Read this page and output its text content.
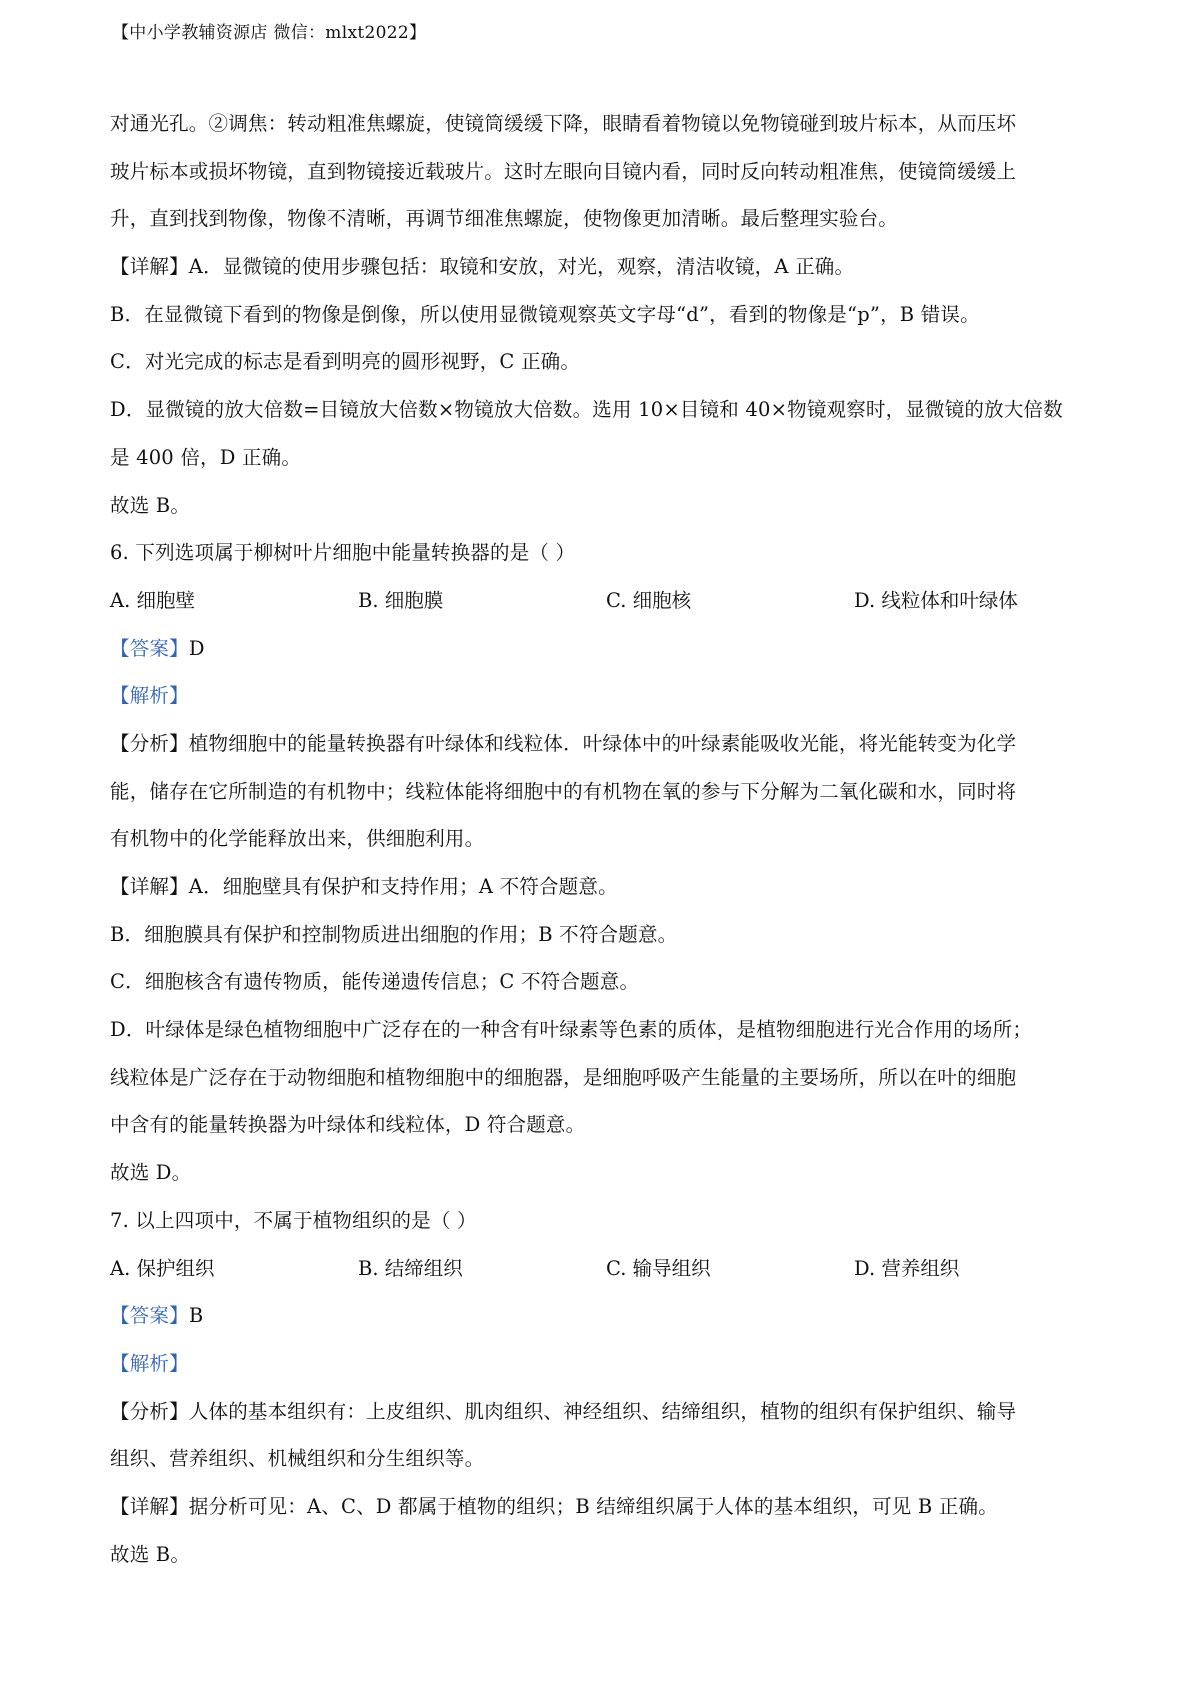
【中小学教辅资源店 微信：mlxt2022】
对通光孔。②调焦：转动粗准焦螺旋，使镜筒缓缓下降，眼睛看着物镜以免物镜碰到玻片标本，从而压坏
玻片标本或损坏物镜，直到物镜接近载玻片。这时左眼向目镜内看，同时反向转动粗准焦，使镜筒缓缓上
升，直到找到物像，物像不清晰，再调节细准焦螺旋，使物像更加清晰。最后整理实验台。
【详解】A．显微镜的使用步骤包括：取镜和安放，对光，观察，清洁收镜，A 正确。
B．在显微镜下看到的物像是倒像，所以使用显微镜观察英文字母“d”，看到的物像是“p”，B 错误。
C．对光完成的标志是看到明亮的圆形视野，C 正确。
D．显微镜的放大倍数=目镜放大倍数×物镜放大倍数。选用 10×目镜和 40×物镜观察时，显微镜的放大倍数
是 400 倍，D 正确。
故选 B。
6. 下列选项属于柳树叶片细胞中能量转换器的是（ ）
A. 细胞壁	B. 细胞膜	C. 细胞核	D. 线粒体和叶绿体
【答案】D
【解析】
【分析】植物细胞中的能量转换器有叶绿体和线粒体．叶绿体中的叶绿素能吸收光能，将光能转变为化学
能，储存在它所制造的有机物中；线粒体能将细胞中的有机物在氧的参与下分解为二氧化碳和水，同时将
有机物中的化学能释放出来，供细胞利用。
【详解】A．细胞壁具有保护和支持作用；A 不符合题意。
B．细胞膜具有保护和控制物质进出细胞的作用；B 不符合题意。
C．细胞核含有遗传物质，能传递遗传信息；C 不符合题意。
D．叶绿体是绿色植物细胞中广泛存在的一种含有叶绿素等色素的质体，是植物细胞进行光合作用的场所；
线粒体是广泛存在于动物细胞和植物细胞中的细胞器，是细胞呼吸产生能量的主要场所，所以在叶的细胞
中含有的能量转换器为叶绿体和线粒体，D 符合题意。
故选 D。
7. 以上四项中，不属于植物组织的是（ ）
A. 保护组织	B. 结缔组织	C. 输导组织	D. 营养组织
【答案】B
【解析】
【分析】人体的基本组织有：上皮组织、肌肉组织、神经组织、结缔组织，植物的组织有保护组织、输导
组织、营养组织、机械组织和分生组织等。
【详解】据分析可见：A、C、D 都属于植物的组织；B 结缔组织属于人体的基本组织，可见 B 正确。
故选 B。
